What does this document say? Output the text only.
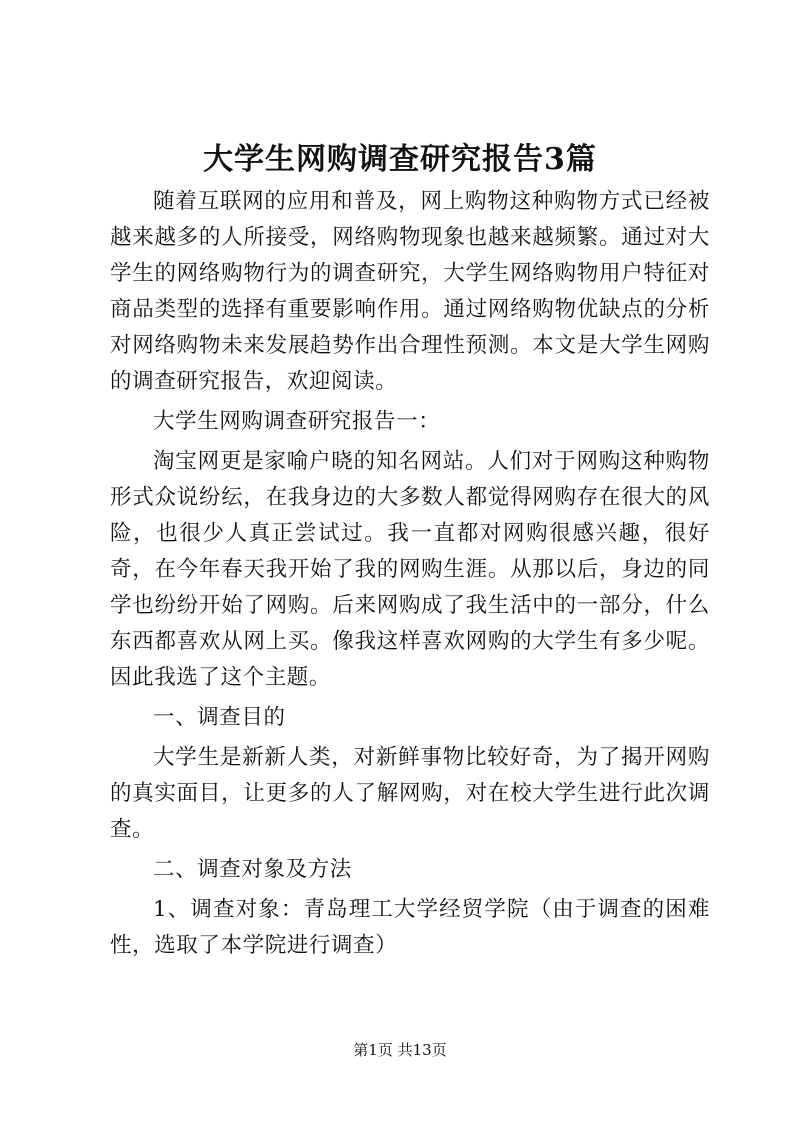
大学生网购调查研究报告3篇

随着互联网的应用和普及，网上购物这种购物方式已经被越来越多的人所接受，网络购物现象也越来越频繁。通过对大学生的网络购物行为的调查研究，大学生网络购物用户特征对商品类型的选择有重要影响作用。通过网络购物优缺点的分析对网络购物未来发展趋势作出合理性预测。本文是大学生网购的调查研究报告，欢迎阅读。

大学生网购调查研究报告一：

淘宝网更是家喻户晓的知名网站。人们对于网购这种购物形式众说纷纭，在我身边的大多数人都觉得网购存在很大的风险，也很少人真正尝试过。我一直都对网购很感兴趣，很好奇，在今年春天我开始了我的网购生涯。从那以后，身边的同学也纷纷开始了网购。后来网购成了我生活中的一部分，什么东西都喜欢从网上买。像我这样喜欢网购的大学生有多少呢。因此我选了这个主题。

一、调查目的

大学生是新新人类，对新鲜事物比较好奇，为了揭开网购的真实面目，让更多的人了解网购，对在校大学生进行此次调查。

二、调查对象及方法

1、调查对象：青岛理工大学经贸学院（由于调查的困难性，选取了本学院进行调查）

第1页 共13页
